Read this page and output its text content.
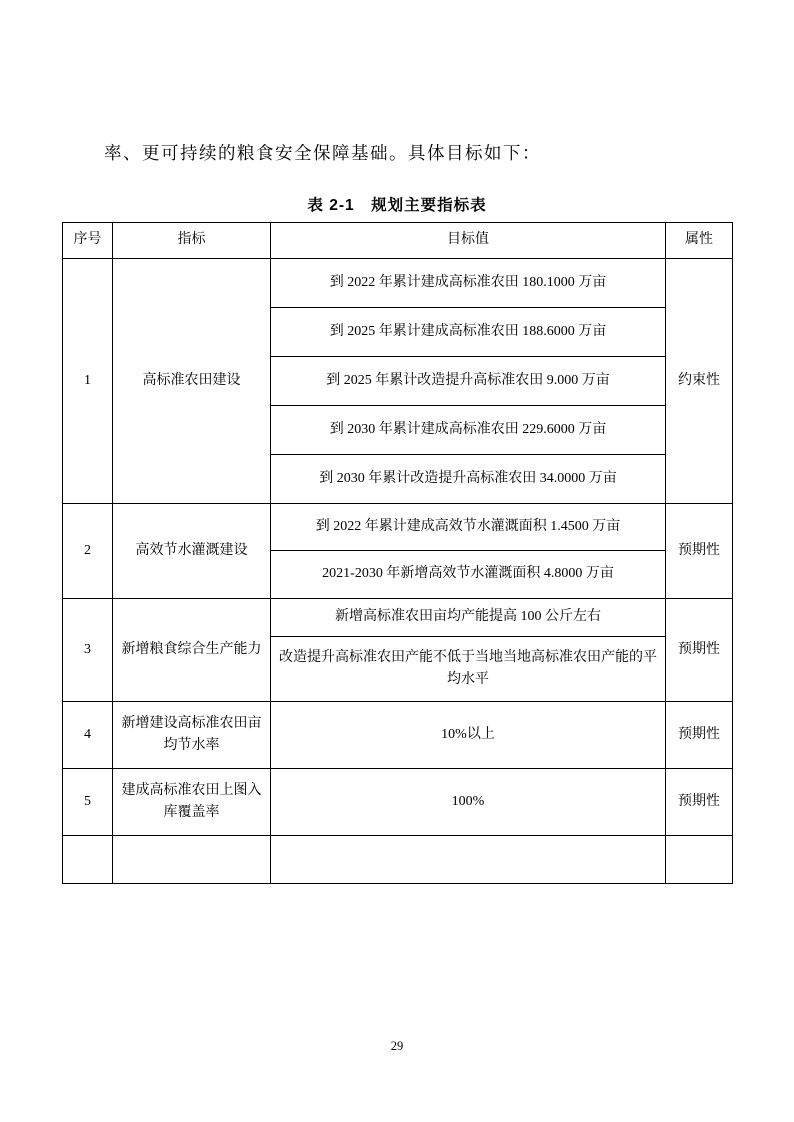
率、更可持续的粮食安全保障基础。具体目标如下：

表 2-1　规划主要指标表
序号	指标	目标值	属性
1	高标准农田建设	到 2022 年累计建成高标准农田 180.1000 万亩	约束性
		到 2025 年累计建成高标准农田 188.6000 万亩	
		到 2025 年累计改造提升高标准农田 9.000 万亩	
		到 2030 年累计建成高标准农田 229.6000 万亩	
		到 2030 年累计改造提升高标准农田 34.0000 万亩	
2	高效节水灌溉建设	到 2022 年累计建成高效节水灌溉面积 1.4500 万亩	预期性
		2021-2030 年新增高效节水灌溉面积 4.8000 万亩	
3	新增粮食综合生产能力	新增高标准农田亩均产能提高 100 公斤左右	预期性
		改造提升高标准农田产能不低于当地当地高标准农田产能的平均水平	
4	新增建设高标准农田亩均节水率	10%以上	预期性
5	建成高标准农田上图入库覆盖率	100%	预期性

29
